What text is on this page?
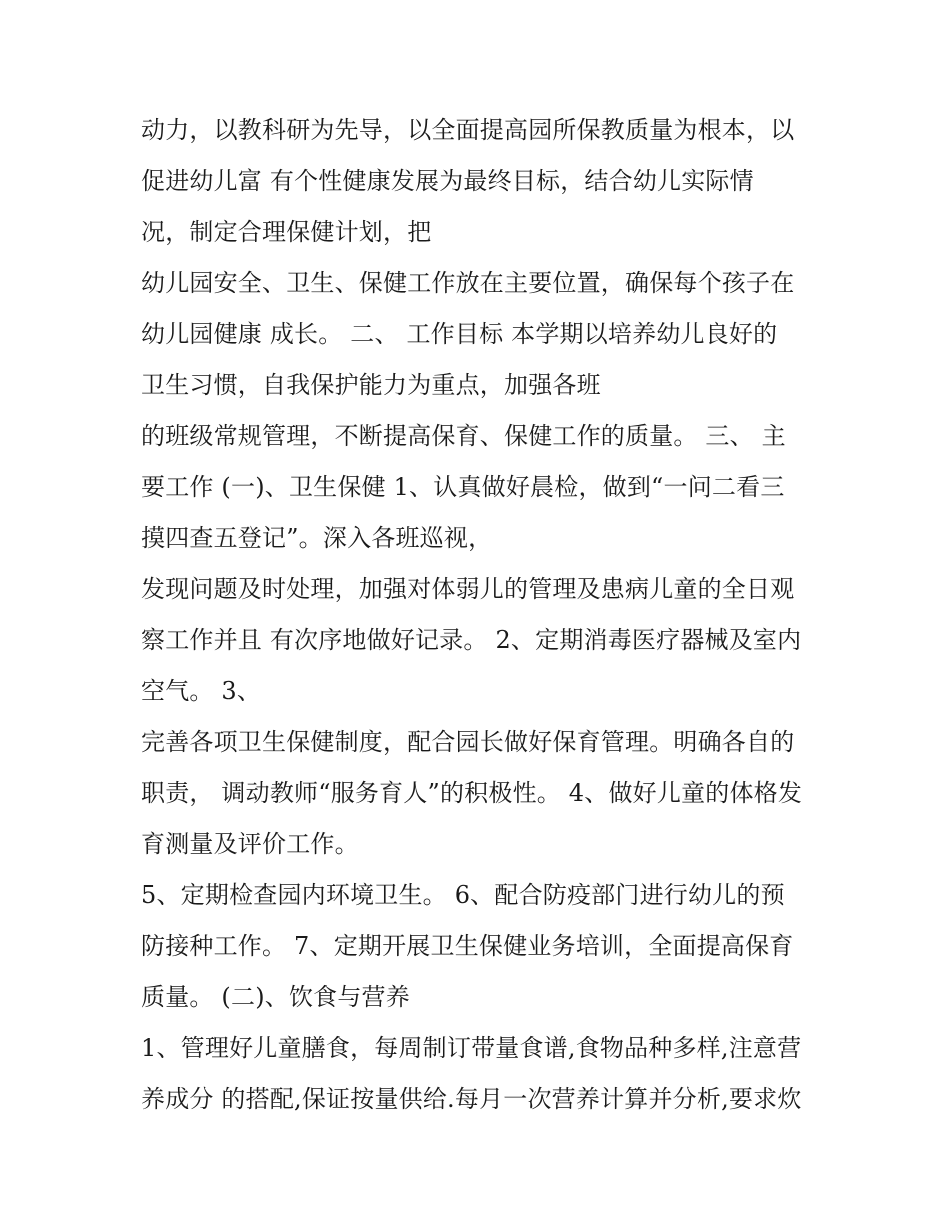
动力，以教科研为先导，以全面提高园所保教质量为根本，以
促进幼儿富 有个性健康发展为最终目标，结合幼儿实际情
况，制定合理保健计划，把
幼儿园安全、卫生、保健工作放在主要位置，确保每个孩子在
幼儿园健康 成长。 二、 工作目标 本学期以培养幼儿良好的
卫生习惯，自我保护能力为重点，加强各班
的班级常规管理，不断提高保育、保健工作的质量。 三、 主
要工作 (一)、卫生保健 1、认真做好晨检，做到“一问二看三
摸四查五登记”。深入各班巡视，
发现问题及时处理，加强对体弱儿的管理及患病儿童的全日观
察工作并且 有次序地做好记录。 2、定期消毒医疗器械及室内
空气。 3、
完善各项卫生保健制度，配合园长做好保育管理。明确各自的
职责， 调动教师“服务育人”的积极性。 4、做好儿童的体格发
育测量及评价工作。
5、定期检查园内环境卫生。 6、配合防疫部门进行幼儿的预
防接种工作。 7、定期开展卫生保健业务培训，全面提高保育
质量。 (二)、饮食与营养
1、管理好儿童膳食，每周制订带量食谱,食物品种多样,注意营
养成分 的搭配,保证按量供给.每月一次营养计算并分析,要求炊
